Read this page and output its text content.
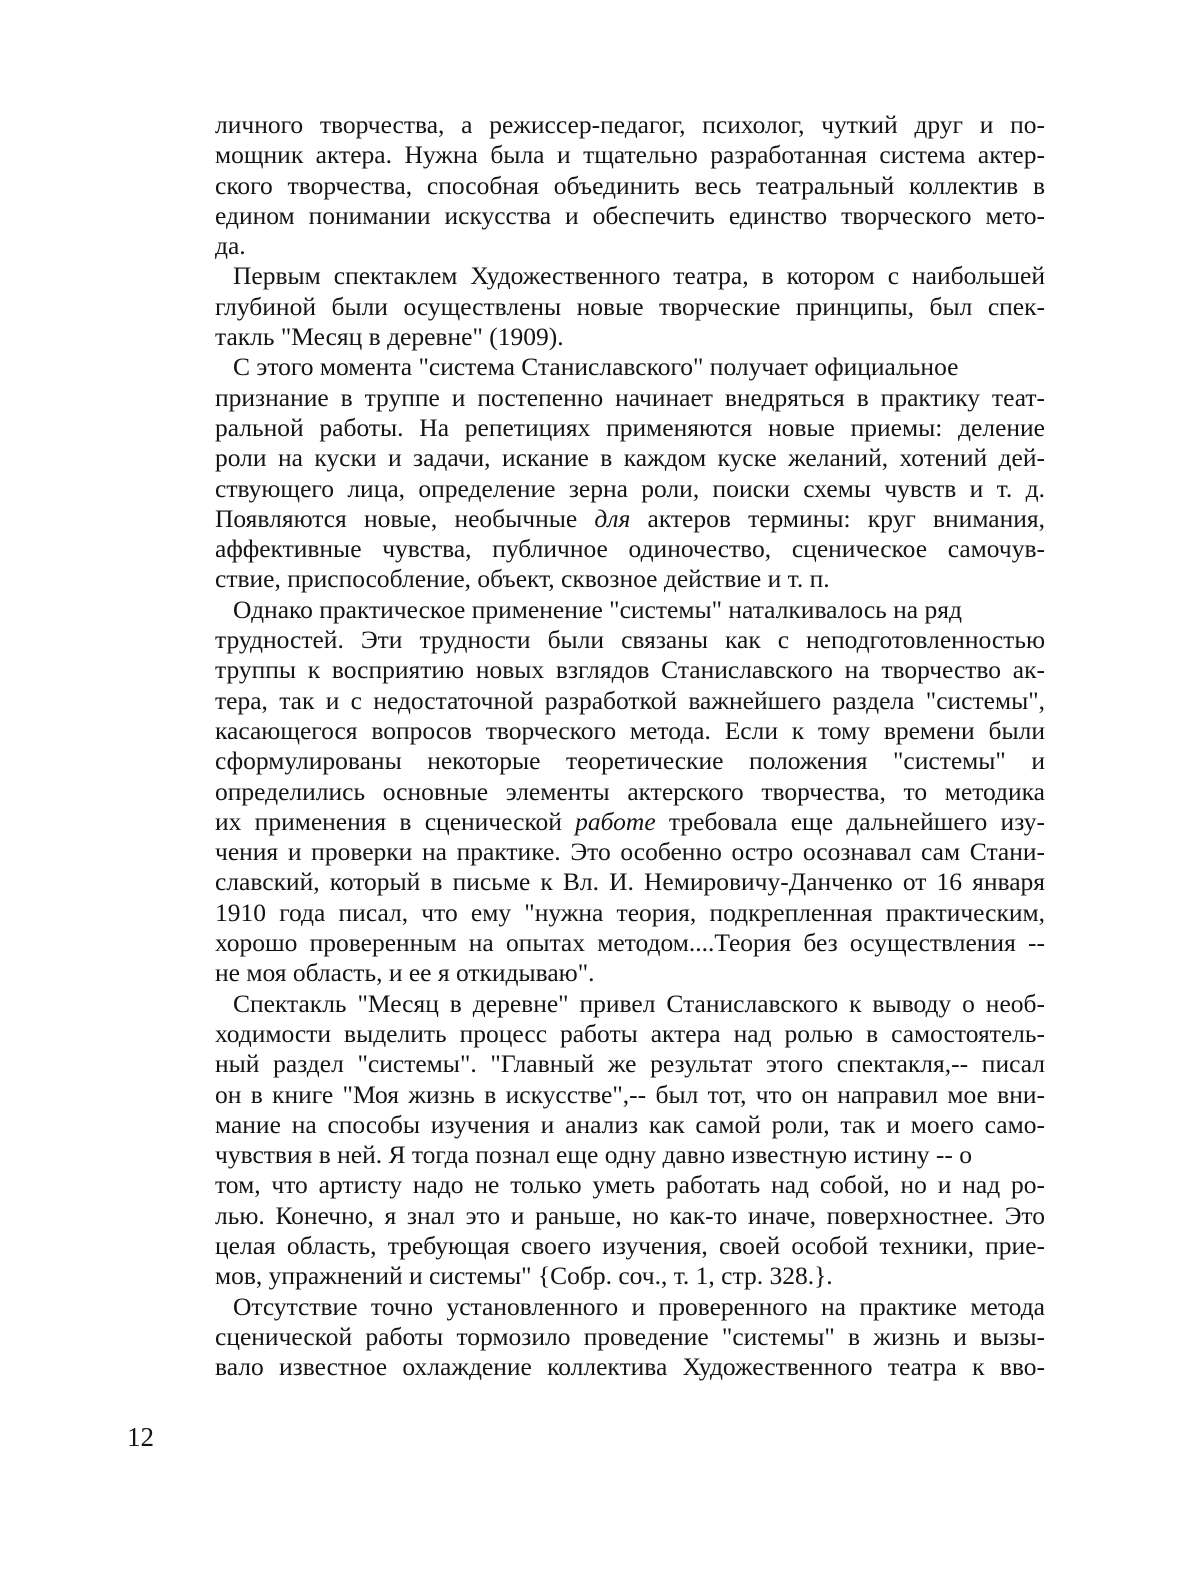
личного творчества, а режиссер-педагог, психолог, чуткий друг и по-
мощник актера. Нужна была и тщательно разработанная система актер-
ского творчества, способная объединить весь театральный коллектив в
едином понимании искусства и обеспечить единство творческого мето-
да.
Первым спектаклем Художественного театра, в котором с наибольшей
глубиной были осуществлены новые творческие принципы, был спек-
такль "Месяц в деревне" (1909).
С этого момента "система Станиславского" получает официальное
признание в труппе и постепенно начинает внедряться в практику теат-
ральной работы. На репетициях применяются новые приемы: деление
роли на куски и задачи, искание в каждом куске желаний, хотений дей-
ствующего лица, определение зерна роли, поиски схемы чувств и т. д.
Появляются новые, необычные для актеров термины: круг внимания,
аффективные чувства, публичное одиночество, сценическое самочув-
ствие, приспособление, объект, сквозное действие и т. п.
Однако практическое применение "системы" наталкивалось на ряд
трудностей. Эти трудности были связаны как с неподготовленностью
труппы к восприятию новых взглядов Станиславского на творчество ак-
тера, так и с недостаточной разработкой важнейшего раздела "системы",
касающегося вопросов творческого метода. Если к тому времени были
сформулированы некоторые теоретические положения "системы" и
определились основные элементы актерского творчества, то методика
их применения в сценической работе требовала еще дальнейшего изу-
чения и проверки на практике. Это особенно остро осознавал сам Стани-
славский, который в письме к Вл. И. Немировичу-Данченко от 16 января
1910 года писал, что ему "нужна теория, подкрепленная практическим,
хорошо проверенным на опытах методом....Теория без осуществления --
не моя область, и ее я откидываю".
Спектакль "Месяц в деревне" привел Станиславского к выводу о необ-
ходимости выделить процесс работы актера над ролью в самостоятель-
ный раздел "системы". "Главный же результат этого спектакля,-- писал
он в книге "Моя жизнь в искусстве",-- был тот, что он направил мое вни-
мание на способы изучения и анализ как самой роли, так и моего само-
чувствия в ней. Я тогда познал еще одну давно известную истину -- о
том, что артисту надо не только уметь работать над собой, но и над ро-
лью. Конечно, я знал это и раньше, но как-то иначе, поверхностнее. Это
целая область, требующая своего изучения, своей особой техники, прие-
мов, упражнений и системы" {Собр. соч., т. 1, стр. 328.}.
Отсутствие точно установленного и проверенного на практике метода
сценической работы тормозило проведение "системы" в жизнь и вызы-
вало известное охлаждение коллектива Художественного театра к вво-
12
